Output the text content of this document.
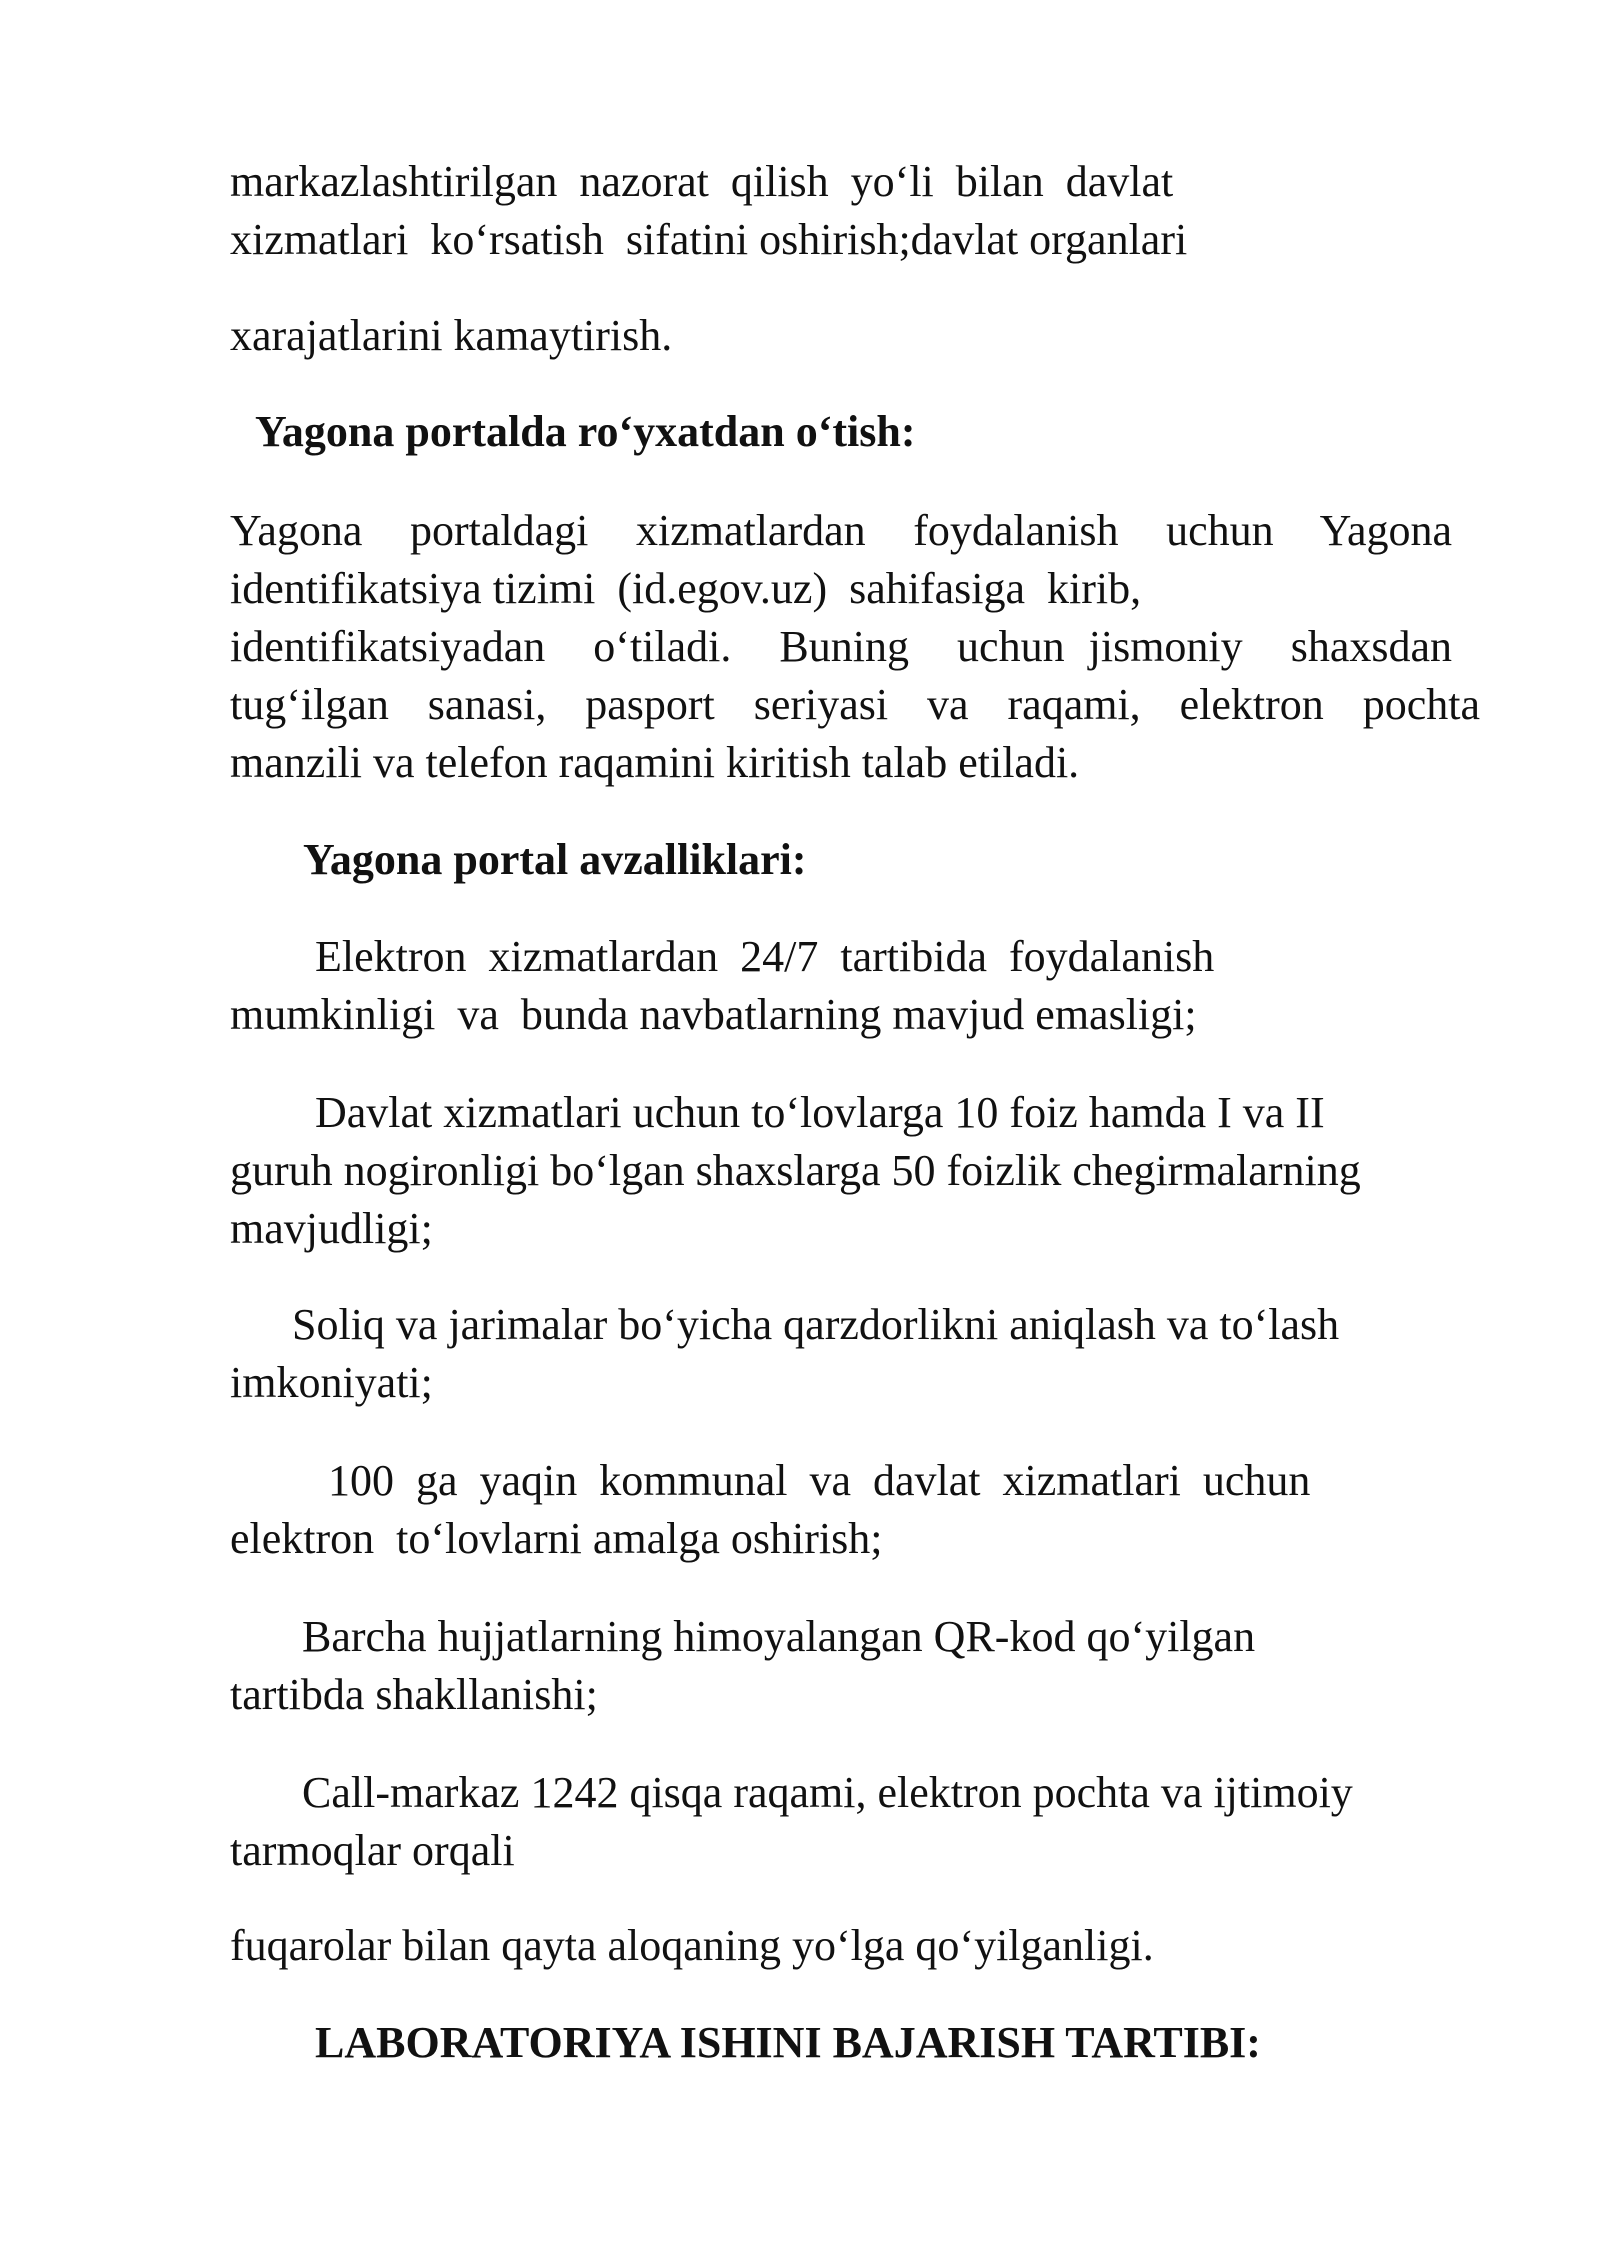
markazlashtirilgan  nazorat  qilish  yo‘li  bilan  davlat
xizmatlari  ko‘rsatish  sifatini oshirish;davlat organlari
xarajatlarini kamaytirish.
Yagona portalda ro‘yxatdan o‘tish:
Yagona  portaldagi  xizmatlardan  foydalanish  uchun  Yagona
identifikatsiya tizimi  (id.egov.uz)  sahifasiga  kirib,
identifikatsiyadan  o‘tiladi.  Buning  uchun jismoniy  shaxsdan
tug‘ilgan  sanasi,  pasport  seriyasi  va  raqami,  elektron  pochta
manzili va telefon raqamini kiritish talab etiladi.
Yagona portal avzalliklari:
Elektron  xizmatlardan  24/7  tartibida  foydalanish
mumkinligi  va  bunda navbatlarning mavjud emasligi;
Davlat xizmatlari uchun to‘lovlarga 10 foiz hamda I va II
guruh nogironligi bo‘lgan shaxslarga 50 foizlik chegirmalarning
mavjudligi;
Soliq va jarimalar bo‘yicha qarzdorlikni aniqlash va to‘lash
imkoniyati;
100  ga  yaqin  kommunal  va  davlat  xizmatlari  uchun
elektron  to‘lovlarni amalga oshirish;
Barcha hujjatlarning himoyalangan QR-kod qo‘yilgan
tartibda shakllanishi;
Call-markaz 1242 qisqa raqami, elektron pochta va ijtimoiy
tarmoqlar orqali
fuqarolar bilan qayta aloqaning yo‘lga qo‘yilganligi.
LABORATORIYA ISHINI BAJARISH TARTIBI:
